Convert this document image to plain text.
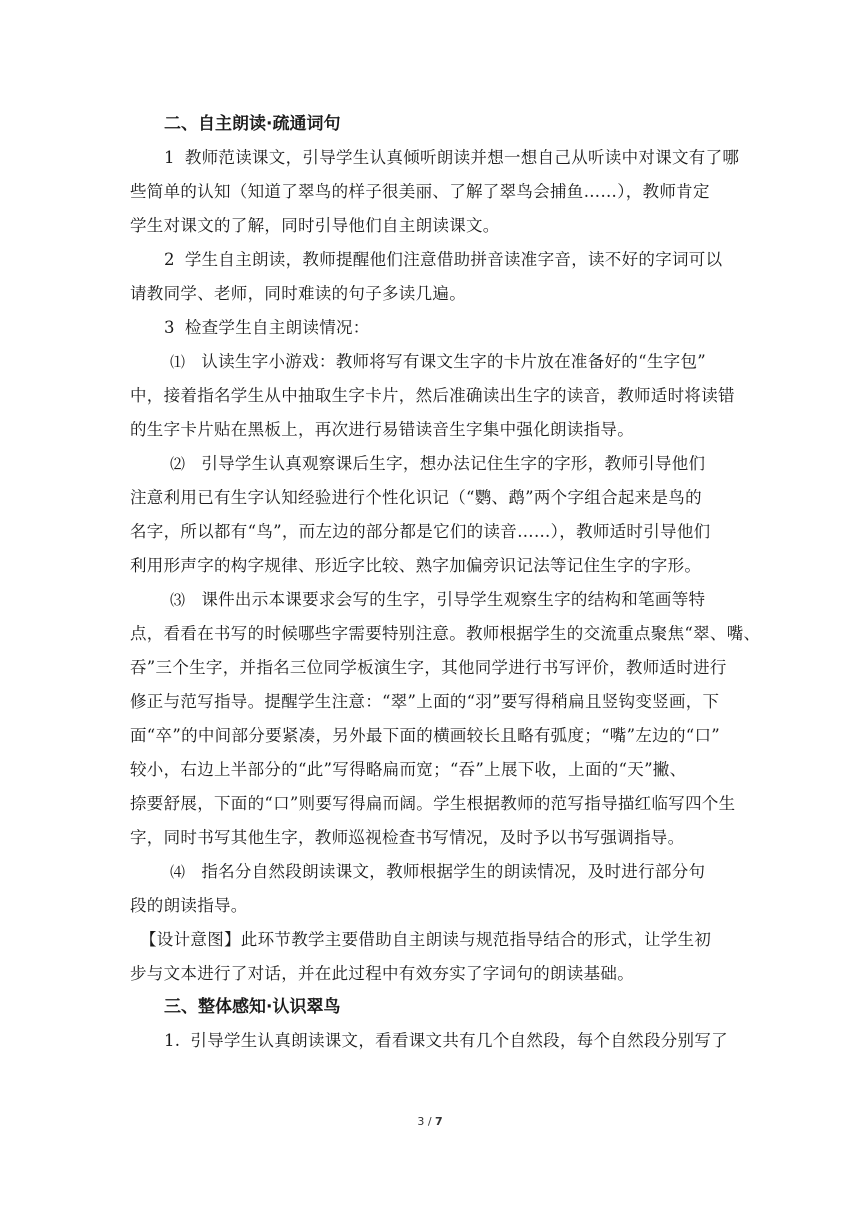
二、自主朗读·疏通词句

1 教师范读课文，引导学生认真倾听朗读并想一想自己从听读中对课文有了哪
些简单的认知（知道了翠鸟的样子很美丽、了解了翠鸟会捕鱼……），教师肯定
学生对课文的了解，同时引导他们自主朗读课文。

2 学生自主朗读，教师提醒他们注意借助拼音读准字音，读不好的字词可以
请教同学、老师，同时难读的句子多读几遍。

3 检查学生自主朗读情况：

⑴ 认读生字小游戏：教师将写有课文生字的卡片放在准备好的“生字包”
中，接着指名学生从中抽取生字卡片，然后准确读出生字的读音，教师适时将读错
的生字卡片贴在黑板上，再次进行易错读音生字集中强化朗读指导。

⑵ 引导学生认真观察课后生字，想办法记住生字的字形，教师引导他们
注意利用已有生字认知经验进行个性化识记（“鹦、鹉”两个字组合起来是鸟的
名字，所以都有“鸟”，而左边的部分都是它们的读音……），教师适时引导他们
利用形声字的构字规律、形近字比较、熟字加偏旁识记法等记住生字的字形。

⑶ 课件出示本课要求会写的生字，引导学生观察生字的结构和笔画等特
点，看看在书写的时候哪些字需要特别注意。教师根据学生的交流重点聚焦“翠、嘴、
吞”三个生字，并指名三位同学板演生字，其他同学进行书写评价，教师适时进行
修正与范写指导。提醒学生注意：“翠”上面的“羽”要写得稍扁且竖钩变竖画，下
面“卒”的中间部分要紧凑，另外最下面的横画较长且略有弧度；“嘴”左边的“口”
较小，右边上半部分的“此”写得略扁而宽；“吞”上展下收，上面的“天”撇、
捺要舒展，下面的“口”则要写得扁而阔。学生根据教师的范写指导描红临写四个生
字，同时书写其他生字，教师巡视检查书写情况，及时予以书写强调指导。

⑷ 指名分自然段朗读课文，教师根据学生的朗读情况，及时进行部分句
段的朗读指导。

【设计意图】此环节教学主要借助自主朗读与规范指导结合的形式，让学生初
步与文本进行了对话，并在此过程中有效夯实了字词句的朗读基础。

三、整体感知·认识翠鸟

1. 引导学生认真朗读课文，看看课文共有几个自然段，每个自然段分别写了

3 / 7
